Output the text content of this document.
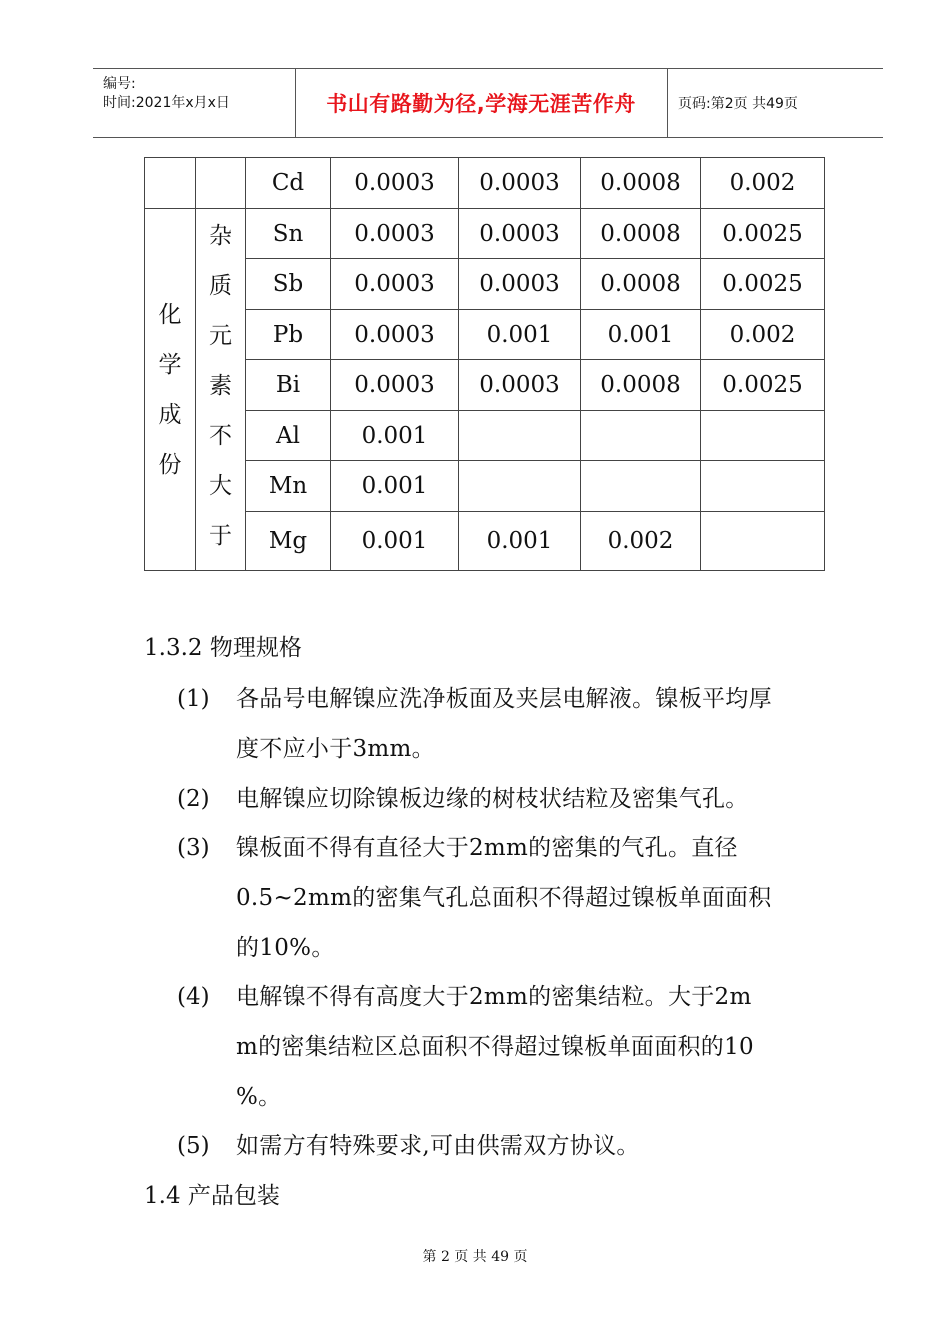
编号:
时间:2021年x月x日	书山有路勤为径,学海无涯苦作舟	页码:第2页 共49页
		Cd	0.0003	0.0003	0.0008	0.002

化学成份	杂质元素不大于	Sn	0.0003	0.0003	0.0008	0.0025
		Sb	0.0003	0.0003	0.0008	0.0025
		Pb	0.0003	0.001	0.001	0.002
		Bi	0.0003	0.0003	0.0008	0.0025
		Al	0.001			
		Mn	0.001			
		Mg	0.001	0.001	0.002	
1.3.2 物理规格
(1) 各品号电解镍应洗净板面及夹层电解液。镍板平均厚
度不应小于3mm。
(2) 电解镍应切除镍板边缘的树枝状结粒及密集气孔。
(3) 镍板面不得有直径大于2mm的密集的气孔。直径
0.5~2mm的密集气孔总面积不得超过镍板单面面积
的10%。
(4) 电解镍不得有高度大于2mm的密集结粒。大于2m
m的密集结粒区总面积不得超过镍板单面面积的10
%。
(5) 如需方有特殊要求,可由供需双方协议。
1.4 产品包装
第 2 页 共 49 页
